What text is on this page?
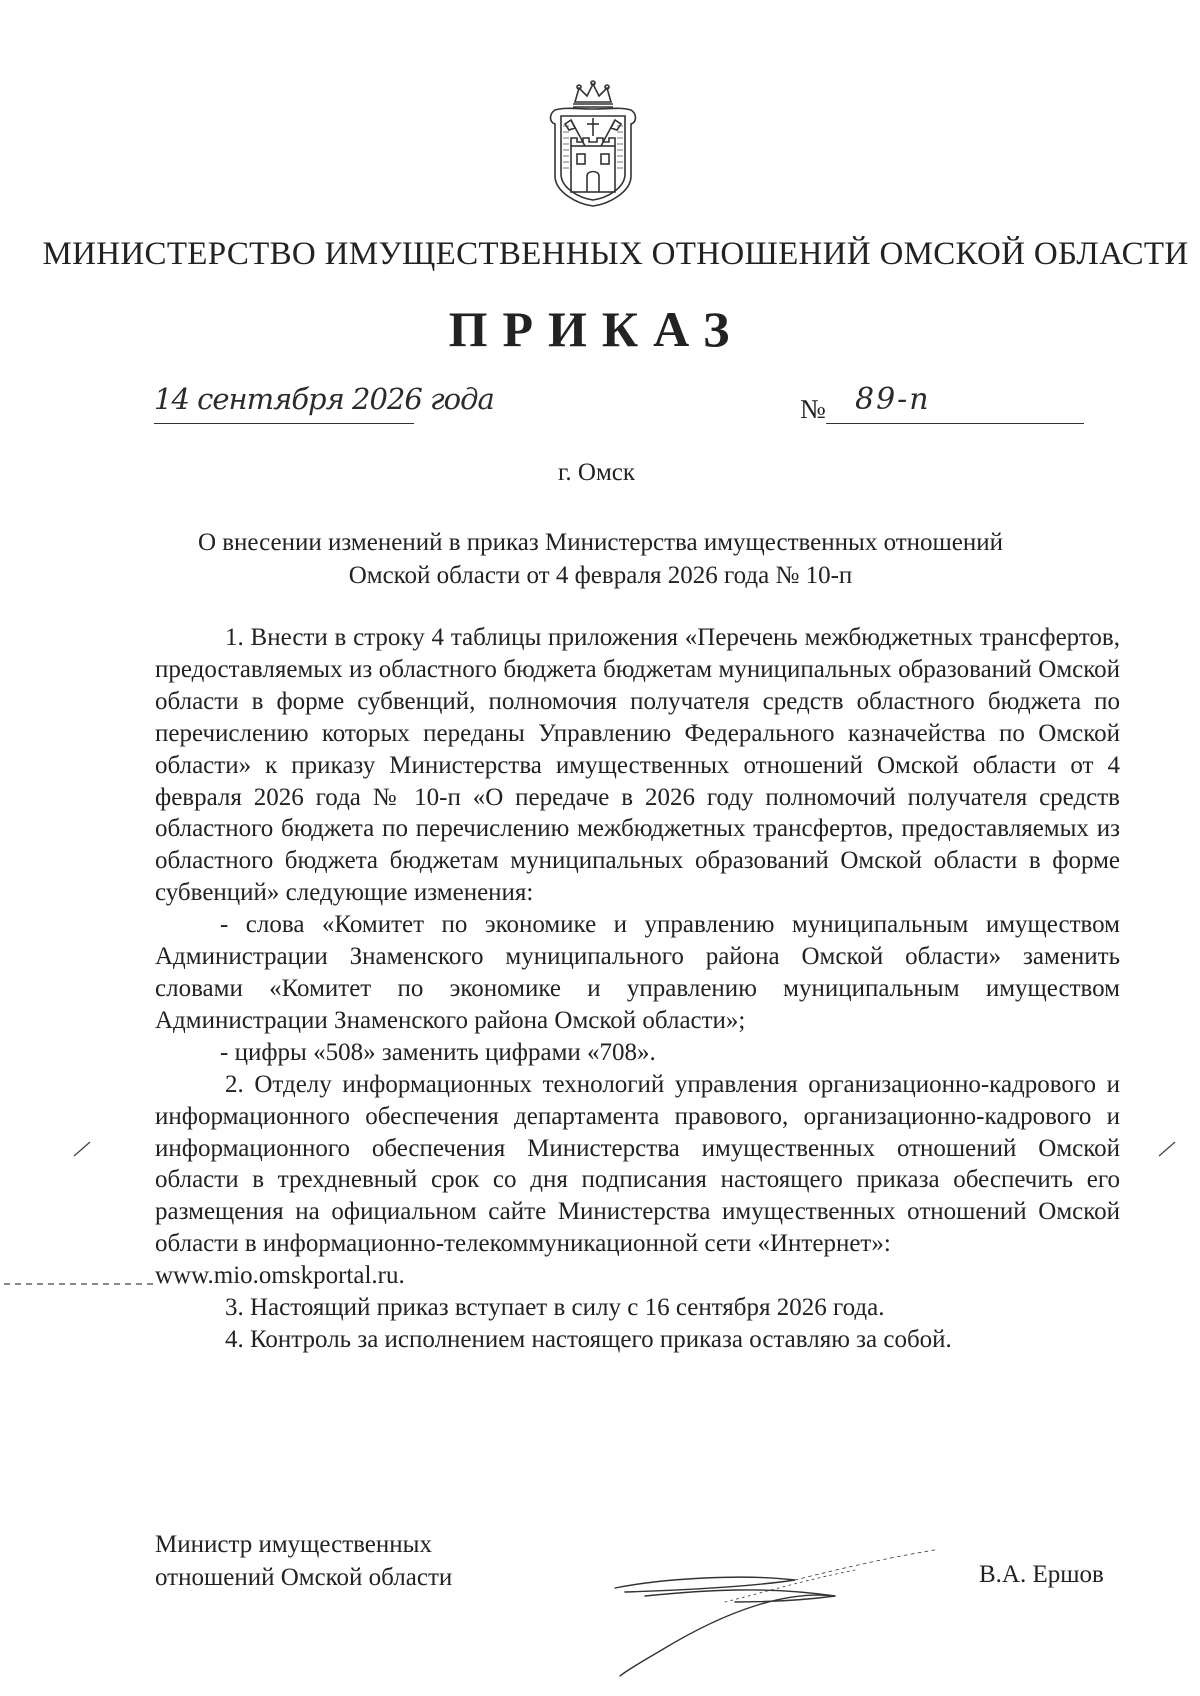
МИНИСТЕРСТВО ИМУЩЕСТВЕННЫХ ОТНОШЕНИЙ ОМСКОЙ ОБЛАСТИ
ПРИКАЗ
14 сентября 2026 года	№ 89-п
г. Омск
О внесении изменений в приказ Министерства имущественных отношений
Омской области от 4 февраля 2026 года № 10-п

1. Внести в строку 4 таблицы приложения «Перечень межбюджетных трансфертов, предоставляемых из областного бюджета бюджетам муниципальных образований Омской области в форме субвенций, полномочия получателя средств областного бюджета по перечислению которых переданы Управлению Федерального казначейства по Омской области» к приказу Министерства имущественных отношений Омской области от 4 февраля 2026 года № 10-п «О передаче в 2026 году полномочий получателя средств областного бюджета по перечислению межбюджетных трансфертов, предоставляемых из областного бюджета бюджетам муниципальных образований Омской области в форме субвенций» следующие изменения:

- слова «Комитет по экономике и управлению муниципальным имуществом Администрации Знаменского муниципального района Омской области» заменить словами «Комитет по экономике и управлению муниципальным имуществом Администрации Знаменского района Омской области»;

- цифры «508» заменить цифрами «708».

2. Отделу информационных технологий управления организационно-кадрового и информационного обеспечения департамента правового, организационно-кадрового и информационного обеспечения Министерства имущественных отношений Омской области в трехдневный срок со дня подписания настоящего приказа обеспечить его размещения на официальном сайте Министерства имущественных отношений Омской области в информационно-телекоммуникационной сети «Интернет»:

www.mio.omskportal.ru.

3. Настоящий приказ вступает в силу с 16 сентября 2026 года.

4. Контроль за исполнением настоящего приказа оставляю за собой.

Министр имущественных
отношений Омской области	В.А. Ершов
